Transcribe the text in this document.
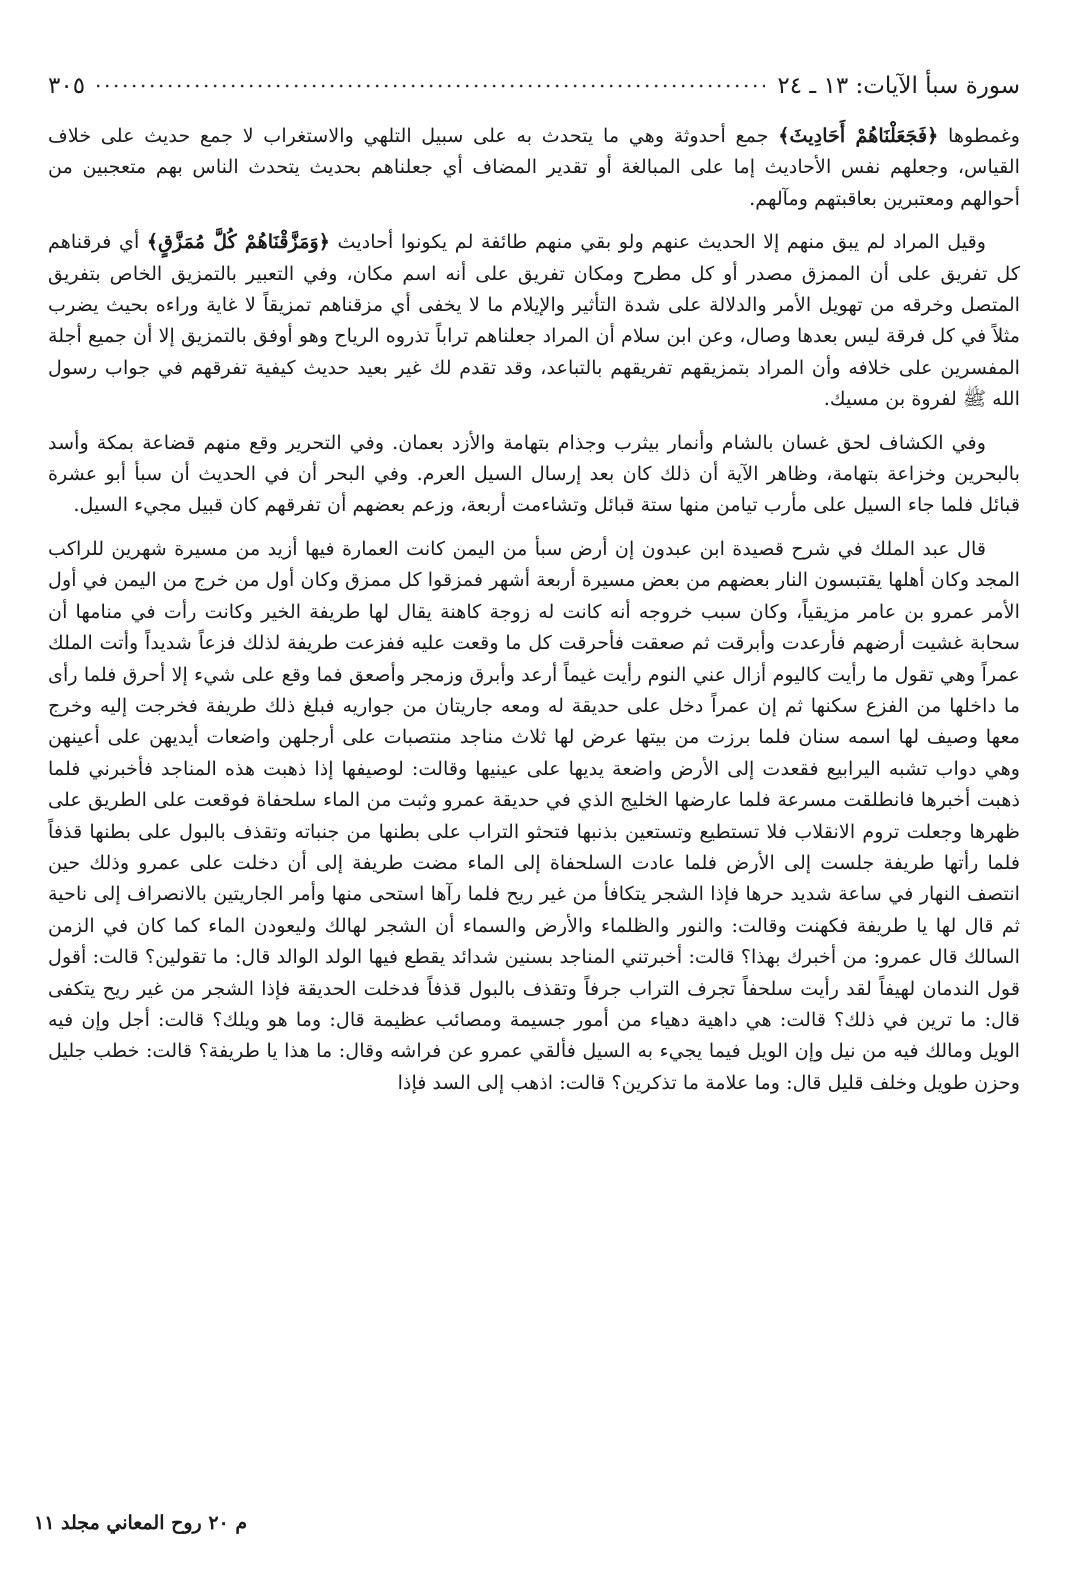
سورة سبأ الآيات: ١٣ ـ ٢٤
٣٠٥

وغمطوها ﴿فَجَعَلْنَاهُمْ أَحَادِيثَ﴾ جمع أحدوثة وهي ما يتحدث به على سبيل التلهي والاستغراب لا جمع حديث على خلاف القياس، وجعلهم نفس الأحاديث إما على المبالغة أو تقدير المضاف أي جعلناهم بحديث يتحدث الناس بهم متعجبين من أحوالهم ومعتبرين بعاقبتهم ومآلهم.

وقيل المراد لم يبق منهم إلا الحديث عنهم ولو بقي منهم طائفة لم يكونوا أحاديث ﴿وَمَزَّقْنَاهُمْ كُلَّ مُمَزَّقٍ﴾ أي فرقناهم كل تفريق على أن الممزق مصدر أو كل مطرح ومكان تفريق على أنه اسم مكان، وفي التعبير بالتمزيق الخاص بتفريق المتصل وخرقه من تهويل الأمر والدلالة على شدة التأثير والإيلام ما لا يخفى أي مزقناهم تمزيقاً لا غاية وراءه بحيث يضرب مثلاً في كل فرقة ليس بعدها وصال، وعن ابن سلام أن المراد جعلناهم تراباً تذروه الرياح وهو أوفق بالتمزيق إلا أن جميع أجلة المفسرين على خلافه وأن المراد بتمزيقهم تفريقهم بالتباعد، وقد تقدم لك غير بعيد حديث كيفية تفرقهم في جواب رسول الله ﷺ لفروة بن مسيك.

وفي الكشاف لحق غسان بالشام وأنمار بيثرب وجذام بتهامة والأزد بعمان. وفي التحرير وقع منهم قضاعة بمكة وأسد بالبحرين وخزاعة بتهامة، وظاهر الآية أن ذلك كان بعد إرسال السيل العرم. وفي البحر أن في الحديث أن سبأ أبو عشرة قبائل فلما جاء السيل على مأرب تيامن منها ستة قبائل وتشاءمت أربعة، وزعم بعضهم أن تفرقهم كان قبيل مجيء السيل.

قال عبد الملك في شرح قصيدة ابن عبدون إن أرض سبأ من اليمن كانت العمارة فيها أزيد من مسيرة شهرين للراكب المجد وكان أهلها يقتبسون النار بعضهم من بعض مسيرة أربعة أشهر فمزقوا كل ممزق وكان أول من خرج من اليمن في أول الأمر عمرو بن عامر مزيقياً، وكان سبب خروجه أنه كانت له زوجة كاهنة يقال لها طريفة الخير وكانت رأت في منامها أن سحابة غشيت أرضهم فأرعدت وأبرقت ثم صعقت فأحرقت كل ما وقعت عليه ففزعت طريفة لذلك فزعاً شديداً وأتت الملك عمراً وهي تقول ما رأيت كاليوم أزال عني النوم رأيت غيماً أرعد وأبرق وزمجر وأصعق فما وقع على شيء إلا أحرق فلما رأى ما داخلها من الفزع سكنها ثم إن عمراً دخل على حديقة له ومعه جاريتان من جواريه فبلغ ذلك طريفة فخرجت إليه وخرج معها وصيف لها اسمه سنان فلما برزت من بيتها عرض لها ثلاث مناجد منتصبات على أرجلهن واضعات أيديهن على أعينهن وهي دواب تشبه اليرابيع فقعدت إلى الأرض واضعة يديها على عينيها وقالت: لوصيفها إذا ذهبت هذه المناجد فأخبرني فلما ذهبت أخبرها فانطلقت مسرعة فلما عارضها الخليج الذي في حديقة عمرو وثبت من الماء سلحفاة فوقعت على الطريق على ظهرها وجعلت تروم الانقلاب فلا تستطيع وتستعين بذنبها فتحثو التراب على بطنها من جنباته وتقذف بالبول على بطنها قذفاً فلما رأتها طريفة جلست إلى الأرض فلما عادت السلحفاة إلى الماء مضت طريفة إلى أن دخلت على عمرو وذلك حين انتصف النهار في ساعة شديد حرها فإذا الشجر يتكافأ من غير ريح فلما رآها استحى منها وأمر الجاريتين بالانصراف إلى ناحية ثم قال لها يا طريفة فكهنت وقالت: والنور والظلماء والأرض والسماء أن الشجر لهالك وليعودن الماء كما كان في الزمن السالك قال عمرو: من أخبرك بهذا؟ قالت: أخبرتني المناجد بسنين شدائد يقطع فيها الولد الوالد قال: ما تقولين؟ قالت: أقول قول الندمان لهيفاً لقد رأيت سلحفاً تجرف التراب جرفاً وتقذف بالبول قذفاً فدخلت الحديقة فإذا الشجر من غير ريح يتكفى قال: ما ترين في ذلك؟ قالت: هي داهية دهياء من أمور جسيمة ومصائب عظيمة قال: وما هو ويلك؟ قالت: أجل وإن فيه الويل ومالك فيه من نيل وإن الويل فيما يجيء به السيل فألقي عمرو عن فراشه وقال: ما هذا يا طريفة؟ قالت: خطب جليل وحزن طويل وخلف قليل قال: وما علامة ما تذكرين؟ قالت: اذهب إلى السد فإذا

م ٢٠ روح المعاني مجلد ١١
